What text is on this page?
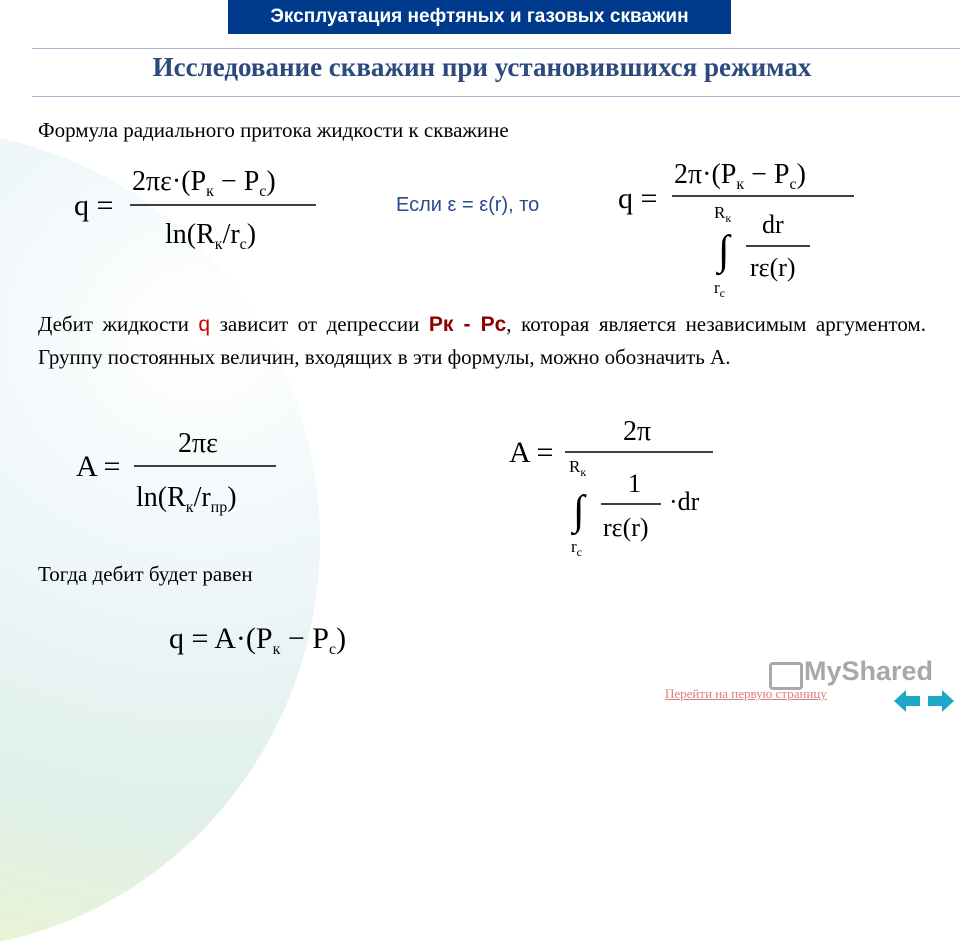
Эксплуатация нефтяных и газовых скважин
Исследование скважин при установившихся режимах
Формула радиального притока жидкости к скважине
q =
$2\pi\varepsilon\cdot(P_к - P_с)$
$\ln(R_к/r_с)$
Если ε = ε(r), то	q =
$2\pi\cdot(P_к - P_с)$
$R_к$
∫
$r_с$
dr
rε(r)
Дебит жидкости q зависит от депрессии Рк - Рс, которая является независимым аргументом. Группу постоянных величин, входящих в эти формулы, можно обозначить А.
A =
2πε
$\ln(R_к/r_{пр})$
A =
2π
$R_к$
∫
$r_с$
1
rε(r)
·dr
Тогда дебит будет равен
$q = A\cdot(P_к - P_с)$
MyShared
Перейти на первую страницу
